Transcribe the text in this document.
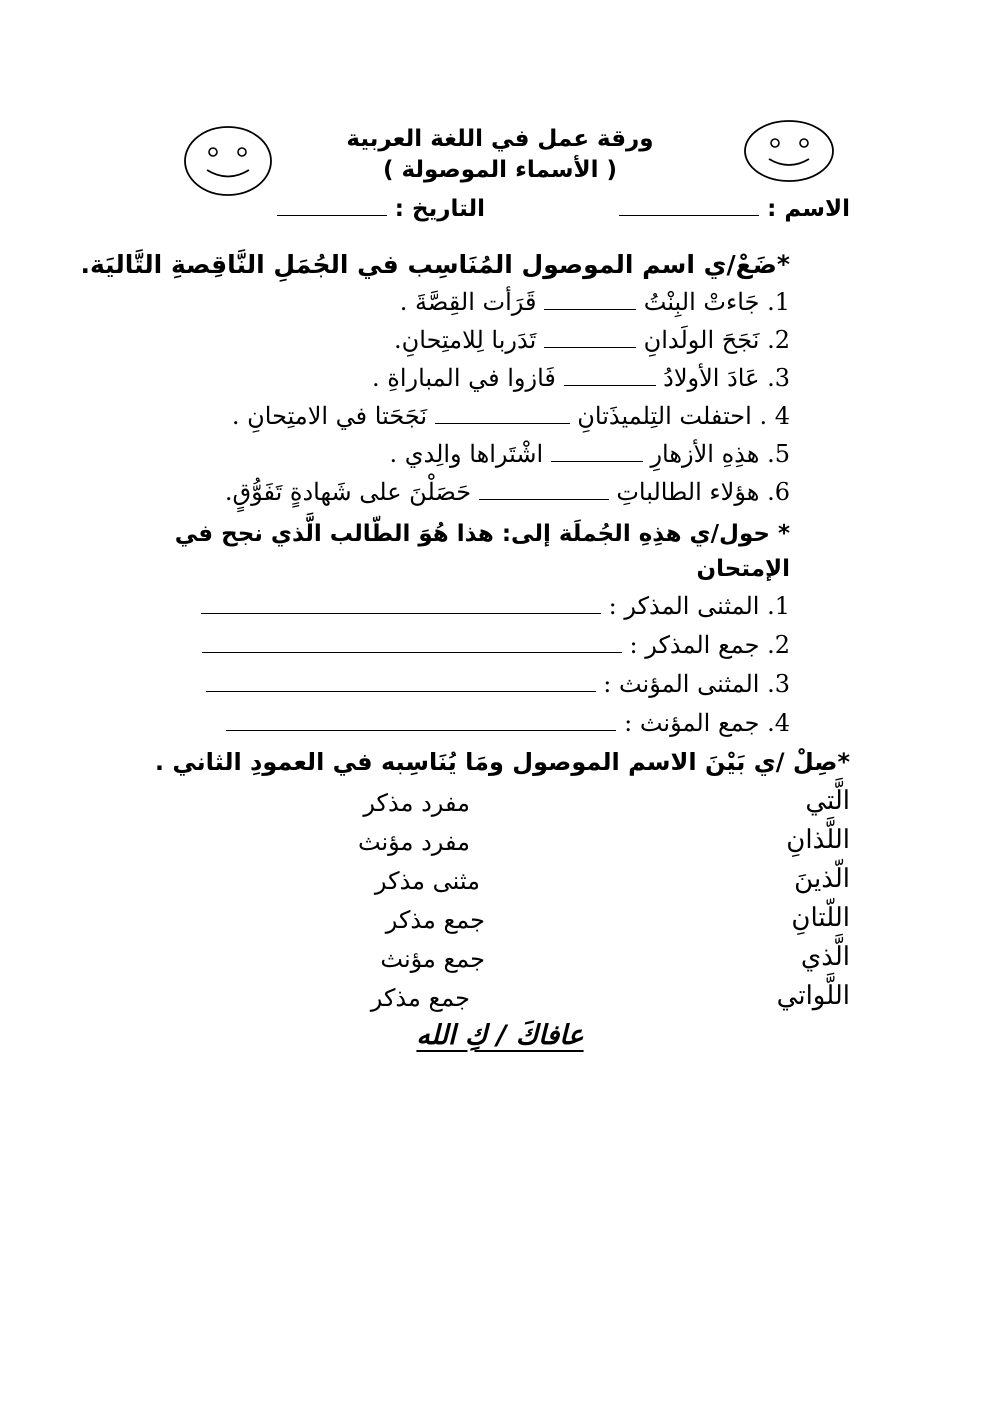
ورقة عمل في اللغة العربية
( الأسماء الموصولة )
الاسم :
التاريخ :
*ضَعْ/ي اسم الموصول المُنَاسِب في الجُمَلِ النَّاقِصةِ التَّاليَة.
1. جَاءتْ البِنْتُ  قَرَأت القِصَّةَ .
2. نَجَحَ الولَدانِ  تَدَربا لِلامتِحانِ.
3. عَادَ الأولادُ  فَازوا في المباراةِ .
4 . احتفلت التِلميذَتانِ  نَجَحَتا في الامتِحانِ .
5. هذِهِ الأزهارِ  اشْتَراها والِدي .
6. هؤلاء الطالباتِ  حَصَلْنَ على شَهادةٍ تَفَوُّقٍ.
* حول/ي هذِهِ الجُملَة إلى: هذا هُوَ الطّالب الَّذي نجح في
الإمتحان
1. المثنى المذكر :
2. جمع المذكر :
3. المثنى المؤنث :
4. جمع المؤنث :
*صِلْ /ي بَيْنَ الاسم الموصول ومَا يُنَاسِبه في العمودِ الثاني .
الَّتي
اللَّذانِ
الّذينَ
اللّتانِ
الَّذي
اللَّواتي
مفرد مذكر
مفرد مؤنث
مثنى مذكر
جمع مذكر
جمع مؤنث
جمع مذكر
عافاكَ / كِ الله
